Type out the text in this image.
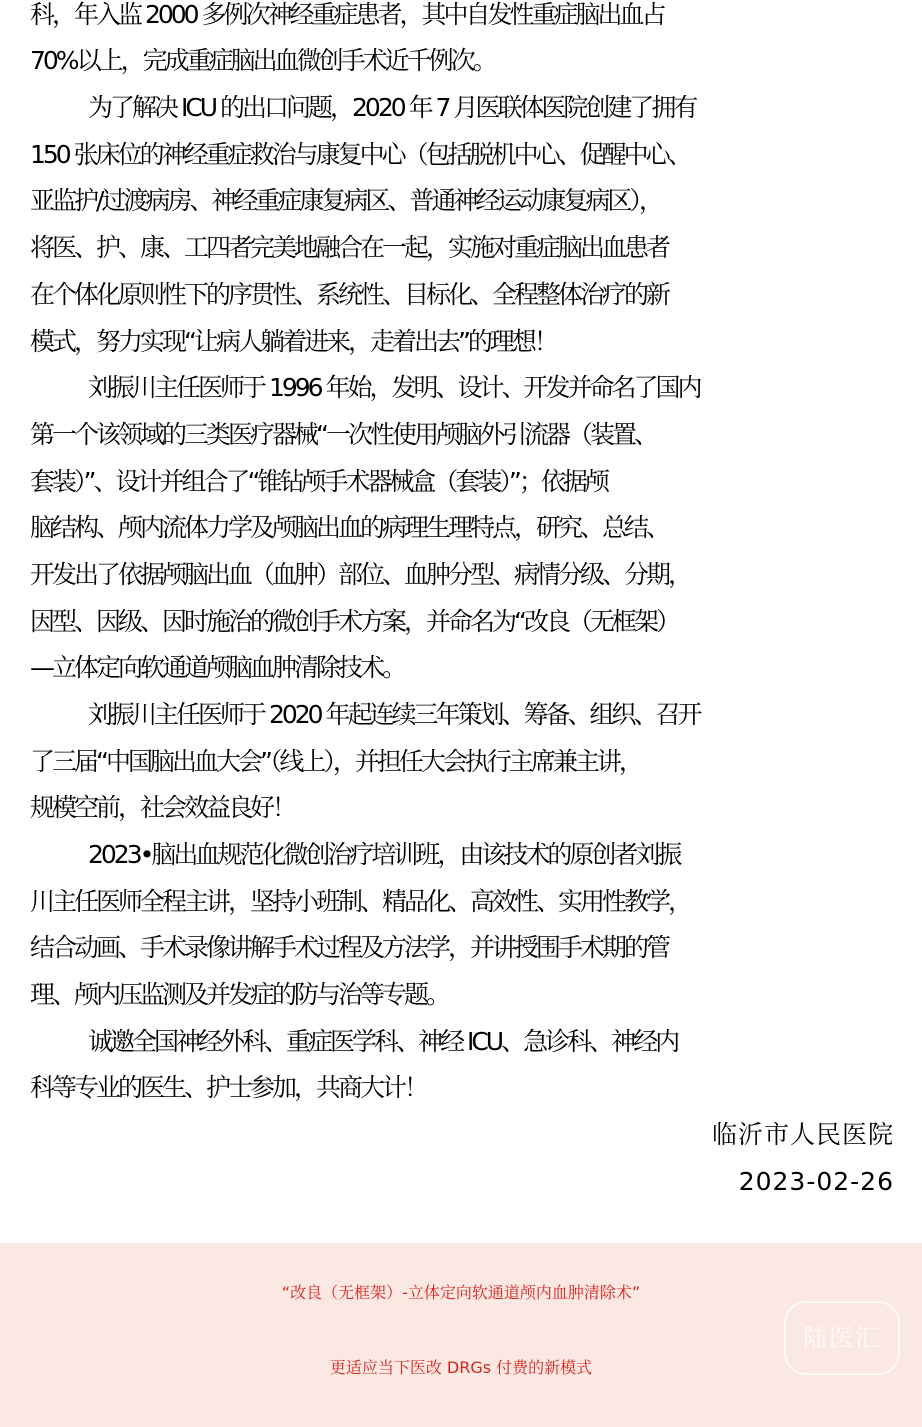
科，年入监 2000 多例次神经重症患者，其中自发性重症脑出血占
70%以上，完成重症脑出血微创手术近千例次。
为了解决 ICU 的出口问题，2020 年 7 月医联体医院创建了拥有
150 张床位的神经重症救治与康复中心（包括脱机中心、促醒中心、
亚监护/过渡病房、神经重症康复病区、普通神经运动康复病区），
将医、护、康、工四者完美地融合在一起，实施对重症脑出血患者
在个体化原则性下的序贯性、系统性、目标化、全程整体治疗的新
模式，努力实现“让病人躺着进来，走着出去”的理想！
刘振川主任医师于 1996 年始，发明、设计、开发并命名了国内
第一个该领域的三类医疗器械“一次性使用颅脑外引流器（装置、
套装）”、设计并组合了“锥钻颅手术器械盒（套装）”；依据颅
脑结构、颅内流体力学及颅脑出血的病理生理特点，研究、总结、
开发出了依据颅脑出血（血肿）部位、血肿分型、病情分级、分期，
因型、因级、因时施治的微创手术方案，并命名为“改良（无框架）
—立体定向软通道颅脑血肿清除技术。
刘振川主任医师于 2020 年起连续三年策划、筹备、组织、召开
了三届“中国脑出血大会”（线上），并担任大会执行主席兼主讲，
规模空前，社会效益良好！
2023•脑出血规范化微创治疗培训班，由该技术的原创者刘振
川主任医师全程主讲，坚持小班制、精品化、高效性、实用性教学，
结合动画、手术录像讲解手术过程及方法学，并讲授围手术期的管
理、颅内压监测及并发症的防与治等专题。
诚邀全国神经外科、重症医学科、神经 ICU、急诊科、神经内
科等专业的医生、护士参加，共商大计！
临沂市人民医院
2023-02-26
“改良（无框架）-立体定向软通道颅内血肿清除术”
更适应当下医改 DRGs 付费的新模式
陆医汇
